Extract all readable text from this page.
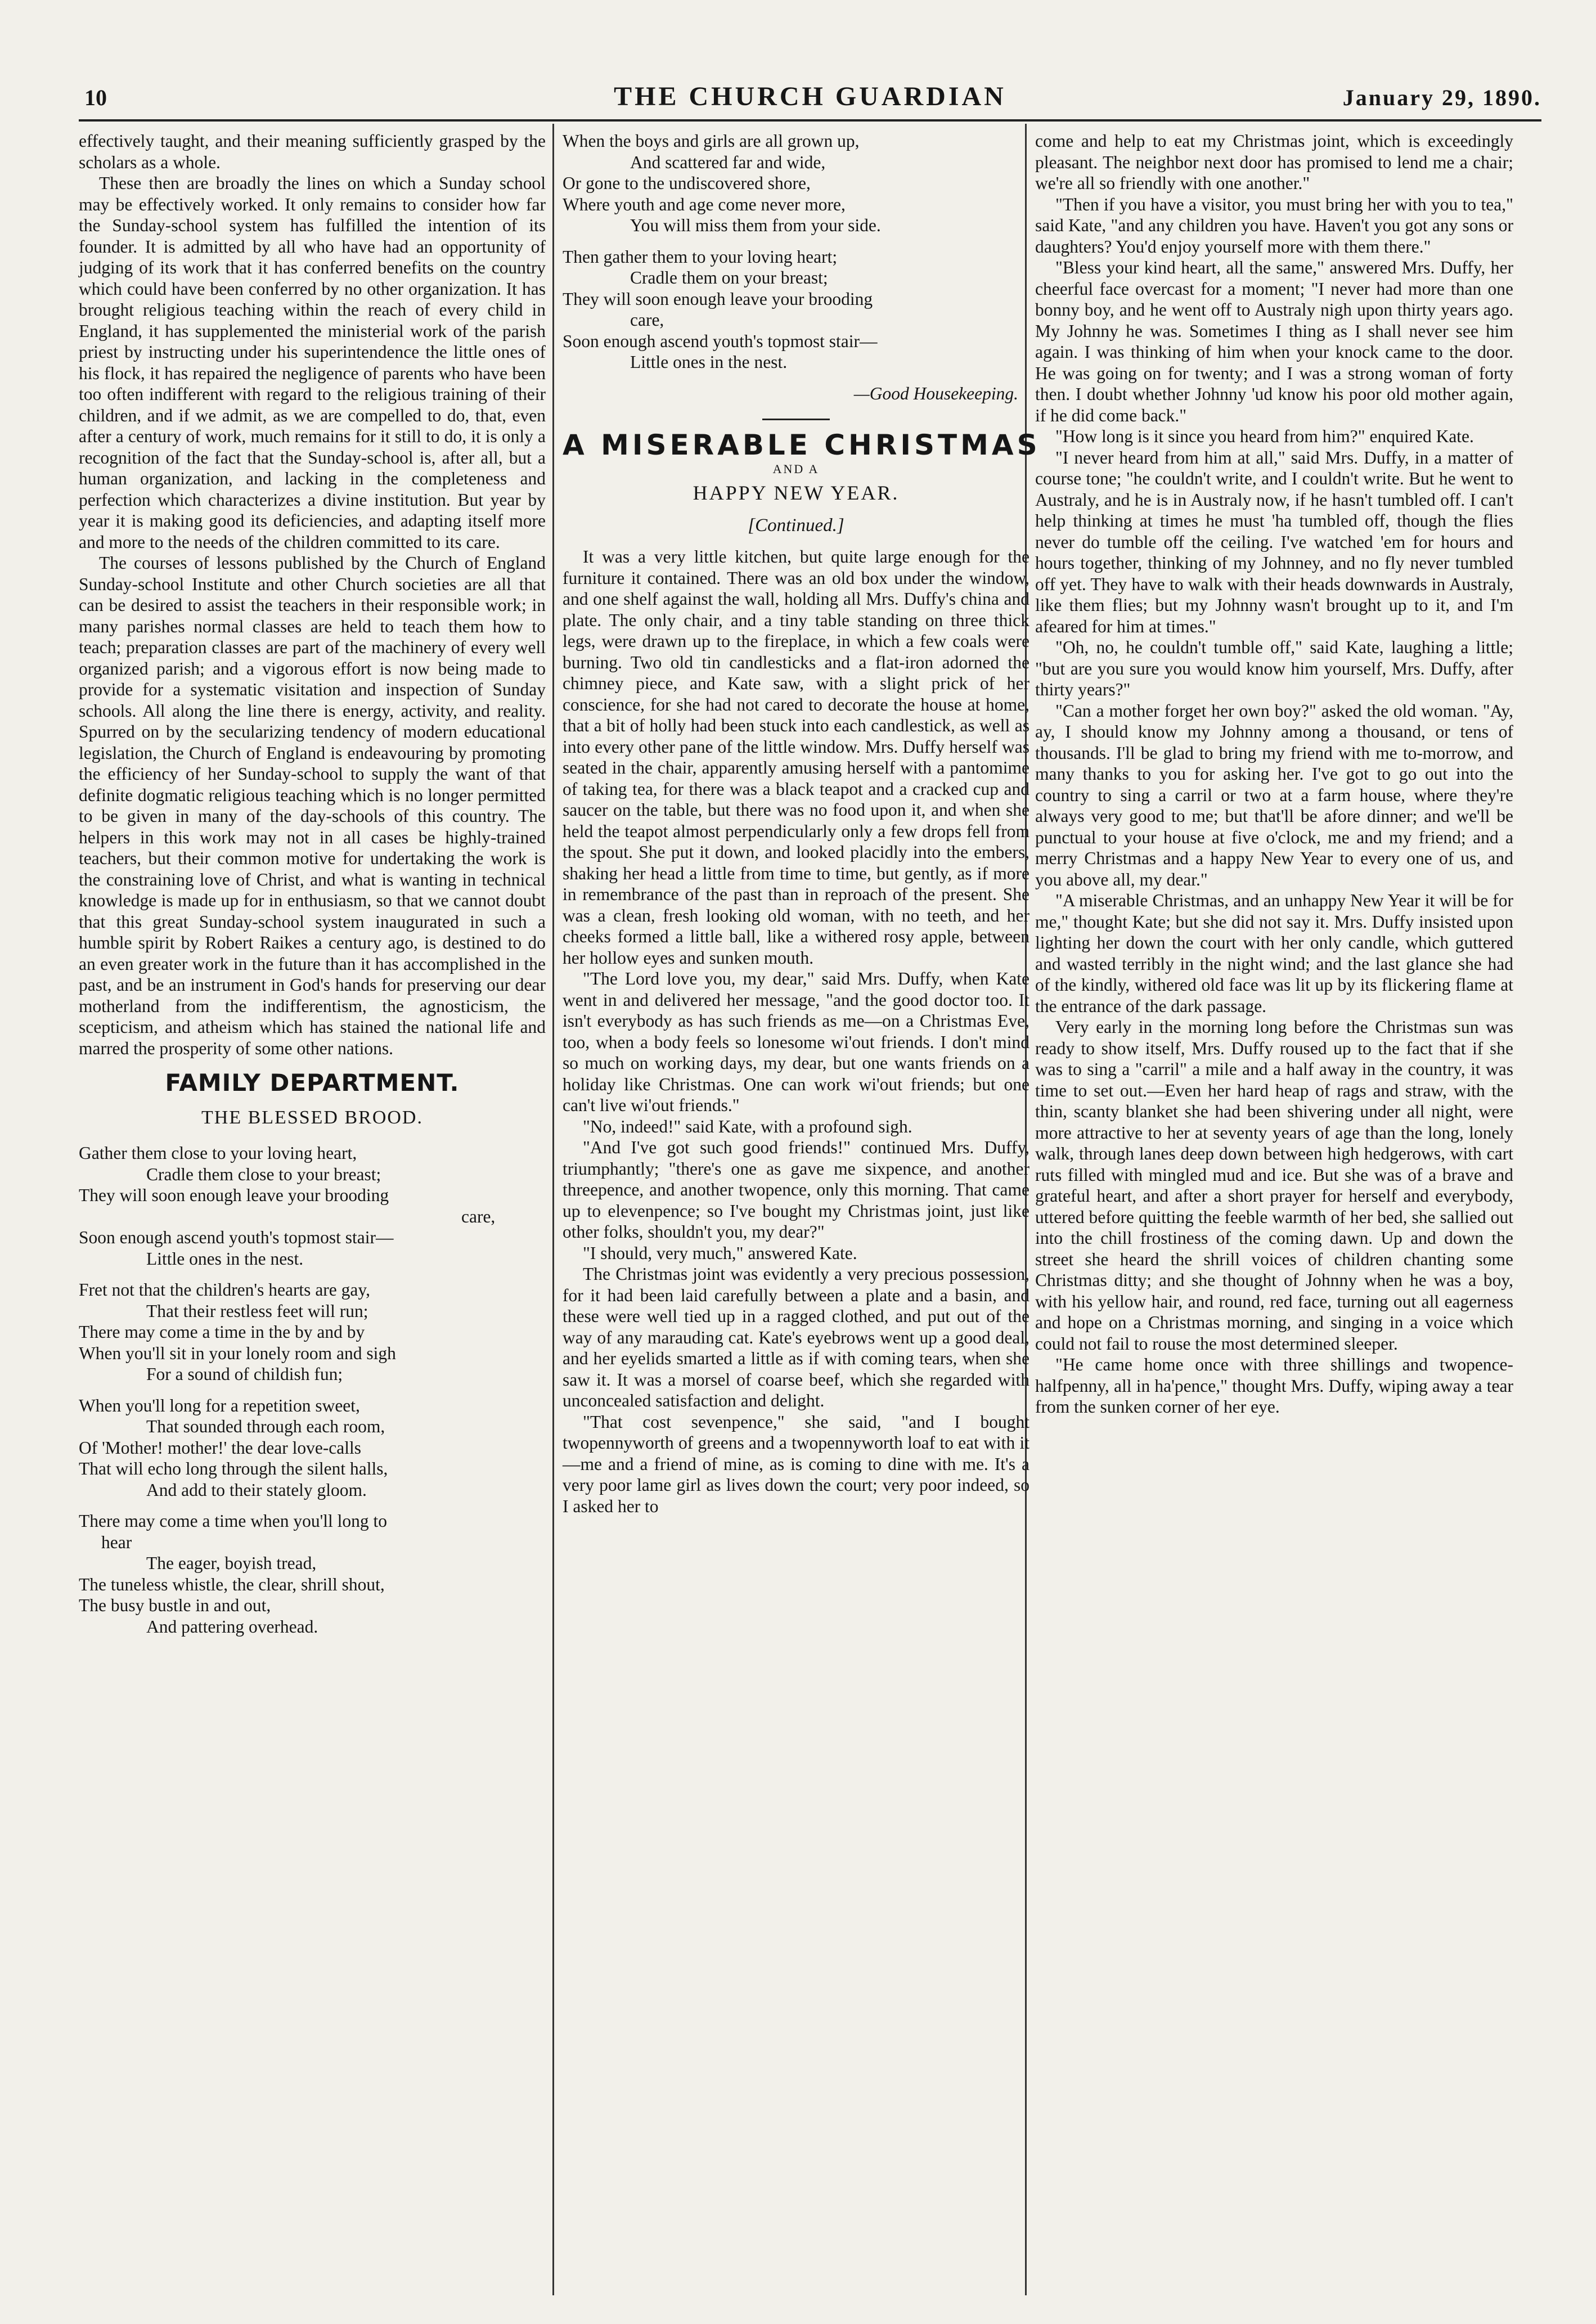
10	THE CHURCH GUARDIAN	January 29, 1890.

effectively taught, and their meaning sufficiently grasped by the scholars as a whole.

These then are broadly the lines on which a Sunday school may be effectively worked. It only remains to consider how far the Sunday-school system has fulfilled the intention of its founder. It is admitted by all who have had an opportunity of judging of its work that it has conferred benefits on the country which could have been conferred by no other organization. It has brought religious teaching within the reach of every child in England, it has supplemented the ministerial work of the parish priest by instructing under his superintendence the little ones of his flock, it has repaired the negligence of parents who have been too often indifferent with regard to the religious training of their children, and if we admit, as we are compelled to do, that, even after a century of work, much remains for it still to do, it is only a recognition of the fact that the Sunday-school is, after all, but a human organization, and lacking in the completeness and perfection which characterizes a divine institution. But year by year it is making good its deficiencies, and adapting itself more and more to the needs of the children committed to its care.

The courses of lessons published by the Church of England Sunday-school Institute and other Church societies are all that can be desired to assist the teachers in their responsible work; in many parishes normal classes are held to teach them how to teach; preparation classes are part of the machinery of every well organized parish; and a vigorous effort is now being made to provide for a systematic visitation and inspection of Sunday schools. All along the line there is energy, activity, and reality. Spurred on by the secularizing tendency of modern educational legislation, the Church of England is endeavouring by promoting the efficiency of her Sunday-school to supply the want of that definite dogmatic religious teaching which is no longer permitted to be given in many of the day-schools of this country. The helpers in this work may not in all cases be highly-trained teachers, but their common motive for undertaking the work is the constraining love of Christ, and what is wanting in technical knowledge is made up for in enthusiasm, so that we cannot doubt that this great Sunday-school system inaugurated in such a humble spirit by Robert Raikes a century ago, is destined to do an even greater work in the future than it has accomplished in the past, and be an instrument in God's hands for preserving our dear motherland from the indifferentism, the agnosticism, the scepticism, and atheism which has stained the national life and marred the prosperity of some other nations.

FAMILY DEPARTMENT.
THE BLESSED BROOD.
Gather them close to your loving heart,
Cradle them close to your breast;
They will soon enough leave your brooding
care,
Soon enough ascend youth's topmost stair—
Little ones in the nest.
Fret not that the children's hearts are gay,
That their restless feet will run;
There may come a time in the by and by
When you'll sit in your lonely room and sigh
For a sound of childish fun;
When you'll long for a repetition sweet,
That sounded through each room,
Of 'Mother! mother!' the dear love-calls
That will echo long through the silent halls,
And add to their stately gloom.
There may come a time when you'll long to
hear
The eager, boyish tread,
The tuneless whistle, the clear, shrill shout,
The busy bustle in and out,
And pattering overhead.
When the boys and girls are all grown up,
And scattered far and wide,
Or gone to the undiscovered shore,
Where youth and age come never more,
You will miss them from your side.
Then gather them to your loving heart;
Cradle them on your breast;
They will soon enough leave your brooding
care,
Soon enough ascend youth's topmost stair—
Little ones in the nest.
—Good Housekeeping.
A MISERABLE CHRISTMAS
AND A
HAPPY NEW YEAR.
[Continued.]

It was a very little kitchen, but quite large enough for the furniture it contained. There was an old box under the window, and one shelf against the wall, holding all Mrs. Duffy's china and plate. The only chair, and a tiny table standing on three thick legs, were drawn up to the fireplace, in which a few coals were burning. Two old tin candlesticks and a flat-iron adorned the chimney piece, and Kate saw, with a slight prick of her conscience, for she had not cared to decorate the house at home, that a bit of holly had been stuck into each candlestick, as well as into every other pane of the little window. Mrs. Duffy herself was seated in the chair, apparently amusing herself with a pantomime of taking tea, for there was a black teapot and a cracked cup and saucer on the table, but there was no food upon it, and when she held the teapot almost perpendicularly only a few drops fell from the spout. She put it down, and looked placidly into the embers, shaking her head a little from time to time, but gently, as if more in remembrance of the past than in reproach of the present. She was a clean, fresh looking old woman, with no teeth, and her cheeks formed a little ball, like a withered rosy apple, between her hollow eyes and sunken mouth.

"The Lord love you, my dear," said Mrs. Duffy, when Kate went in and delivered her message, "and the good doctor too. It isn't everybody as has such friends as me—on a Christmas Eve, too, when a body feels so lonesome wi'out friends. I don't mind so much on working days, my dear, but one wants friends on a holiday like Christmas. One can work wi'out friends; but one can't live wi'out friends."

"No, indeed!" said Kate, with a profound sigh.

"And I've got such good friends!" continued Mrs. Duffy, triumphantly; "there's one as gave me sixpence, and another threepence, and another twopence, only this morning. That came up to elevenpence; so I've bought my Christmas joint, just like other folks, shouldn't you, my dear?"

"I should, very much," answered Kate.

The Christmas joint was evidently a very precious possession, for it had been laid carefully between a plate and a basin, and these were well tied up in a ragged clothed, and put out of the way of any marauding cat. Kate's eyebrows went up a good deal, and her eyelids smarted a little as if with coming tears, when she saw it. It was a morsel of coarse beef, which she regarded with unconcealed satisfaction and delight.

"That cost sevenpence," she said, "and I bought twopennyworth of greens and a twopennyworth loaf to eat with it—me and a friend of mine, as is coming to dine with me. It's a very poor lame girl as lives down the court; very poor indeed, so I asked her to

come and help to eat my Christmas joint, which is exceedingly pleasant. The neighbor next door has promised to lend me a chair; we're all so friendly with one another."

"Then if you have a visitor, you must bring her with you to tea," said Kate, "and any children you have. Haven't you got any sons or daughters? You'd enjoy yourself more with them there."

"Bless your kind heart, all the same," answered Mrs. Duffy, her cheerful face overcast for a moment; "I never had more than one bonny boy, and he went off to Australy nigh upon thirty years ago. My Johnny he was. Sometimes I thing as I shall never see him again. I was thinking of him when your knock came to the door. He was going on for twenty; and I was a strong woman of forty then. I doubt whether Johnny 'ud know his poor old mother again, if he did come back."

"How long is it since you heard from him?" enquired Kate.

"I never heard from him at all," said Mrs. Duffy, in a matter of course tone; "he couldn't write, and I couldn't write. But he went to Australy, and he is in Australy now, if he hasn't tumbled off. I can't help thinking at times he must 'ha tumbled off, though the flies never do tumble off the ceiling. I've watched 'em for hours and hours together, thinking of my Johnney, and no fly never tumbled off yet. They have to walk with their heads downwards in Australy, like them flies; but my Johnny wasn't brought up to it, and I'm afeared for him at times."

"Oh, no, he couldn't tumble off," said Kate, laughing a little; "but are you sure you would know him yourself, Mrs. Duffy, after thirty years?"

"Can a mother forget her own boy?" asked the old woman. "Ay, ay, I should know my Johnny among a thousand, or tens of thousands. I'll be glad to bring my friend with me to-morrow, and many thanks to you for asking her. I've got to go out into the country to sing a carril or two at a farm house, where they're always very good to me; but that'll be afore dinner; and we'll be punctual to your house at five o'clock, me and my friend; and a merry Christmas and a happy New Year to every one of us, and you above all, my dear."

"A miserable Christmas, and an unhappy New Year it will be for me," thought Kate; but she did not say it. Mrs. Duffy insisted upon lighting her down the court with her only candle, which guttered and wasted terribly in the night wind; and the last glance she had of the kindly, withered old face was lit up by its flickering flame at the entrance of the dark passage.

Very early in the morning long before the Christmas sun was ready to show itself, Mrs. Duffy roused up to the fact that if she was to sing a "carril" a mile and a half away in the country, it was time to set out.—Even her hard heap of rags and straw, with the thin, scanty blanket she had been shivering under all night, were more attractive to her at seventy years of age than the long, lonely walk, through lanes deep down between high hedgerows, with cart ruts filled with mingled mud and ice. But she was of a brave and grateful heart, and after a short prayer for herself and everybody, uttered before quitting the feeble warmth of her bed, she sallied out into the chill frostiness of the coming dawn. Up and down the street she heard the shrill voices of children chanting some Christmas ditty; and she thought of Johnny when he was a boy, with his yellow hair, and round, red face, turning out all eagerness and hope on a Christmas morning, and singing in a voice which could not fail to rouse the most determined sleeper.

"He came home once with three shillings and twopence-halfpenny, all in ha'pence," thought Mrs. Duffy, wiping away a tear from the sunken corner of her eye.
